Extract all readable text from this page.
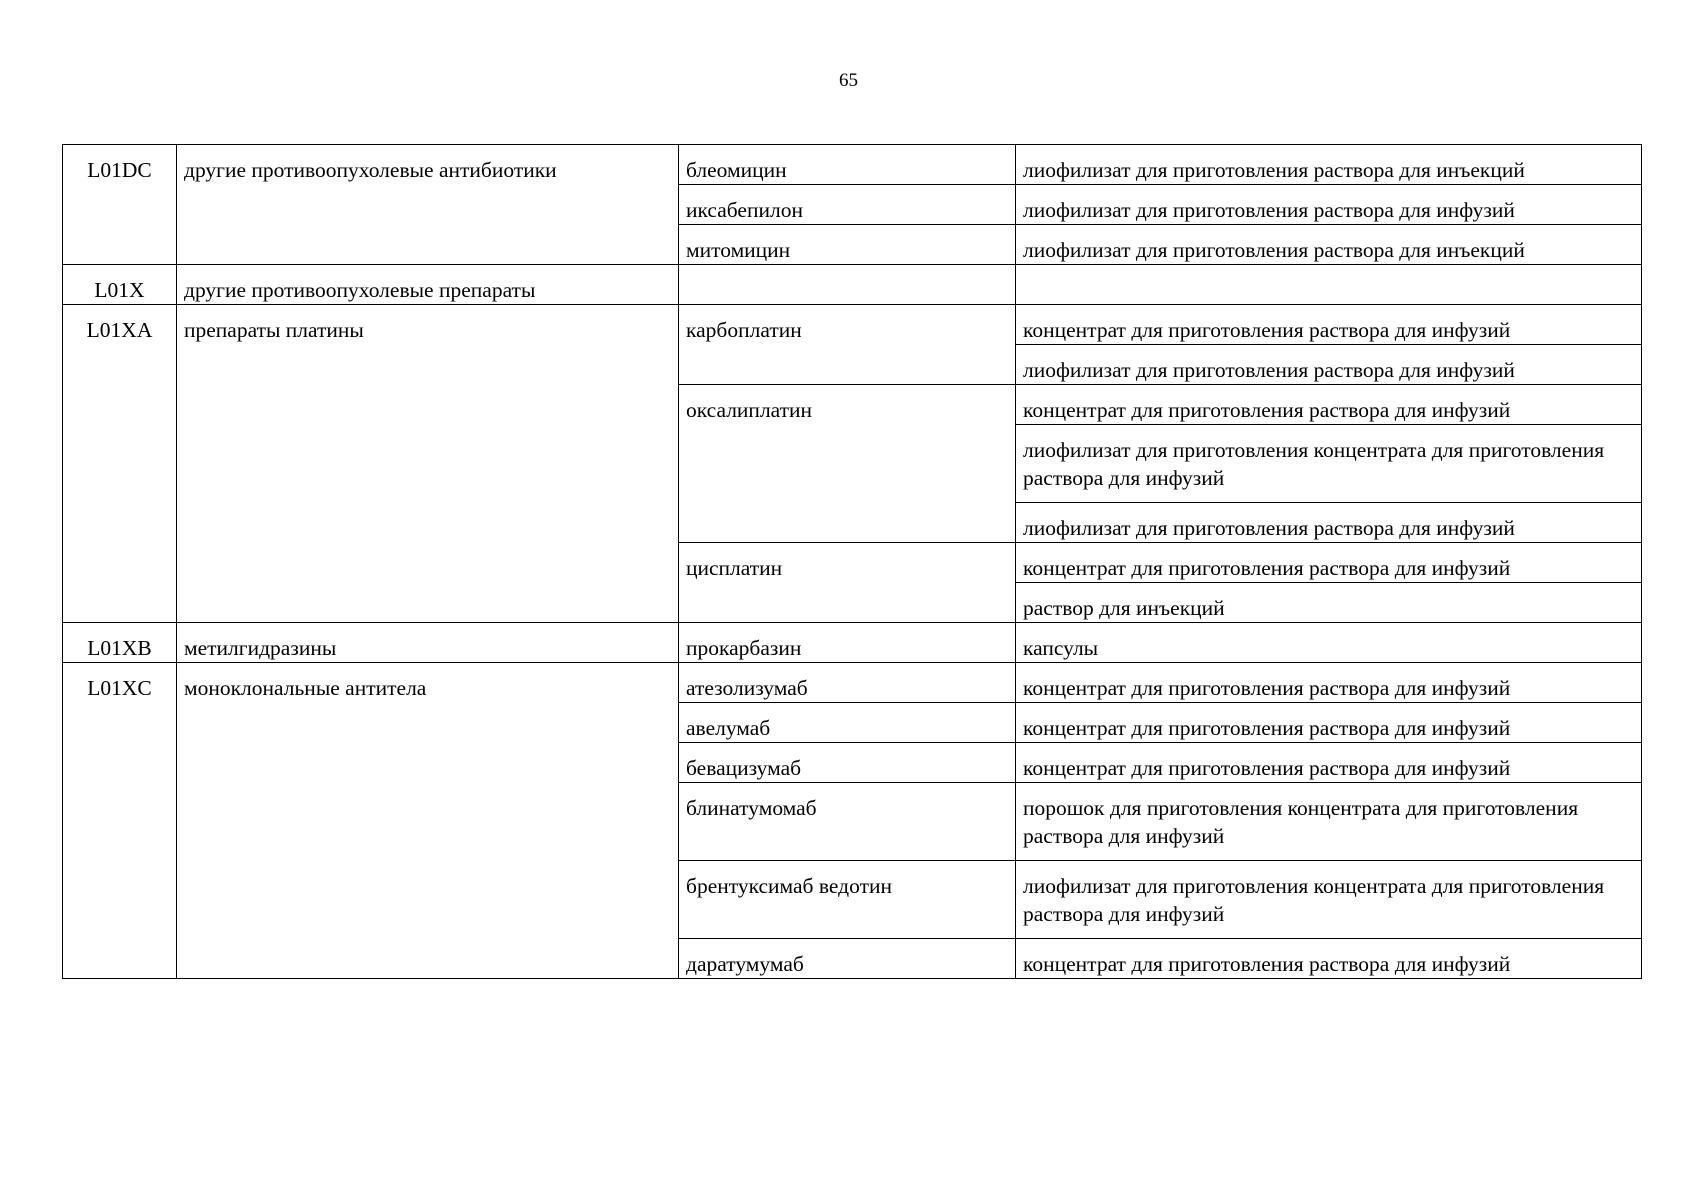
65
L01DC	другие противоопухолевые антибиотики	блеомицин	лиофилизат для приготовления раствора для инъекций
		иксабепилон	лиофилизат для приготовления раствора для инфузий
		митомицин	лиофилизат для приготовления раствора для инъекций
L01X	другие противоопухолевые препараты		
L01XA	препараты платины	карбоплатин	концентрат для приготовления раствора для инфузий
			лиофилизат для приготовления раствора для инфузий
		оксалиплатин	концентрат для приготовления раствора для инфузий
			лиофилизат для приготовления концентрата для приготовления раствора для инфузий
			лиофилизат для приготовления раствора для инфузий
		цисплатин	концентрат для приготовления раствора для инфузий
			раствор для инъекций
L01XB	метилгидразины	прокарбазин	капсулы
L01XC	моноклональные антитела	атезолизумаб	концентрат для приготовления раствора для инфузий
		авелумаб	концентрат для приготовления раствора для инфузий
		бевацизумаб	концентрат для приготовления раствора для инфузий
		блинатумомаб	порошок для приготовления концентрата для приготовления раствора для инфузий
		брентуксимаб ведотин	лиофилизат для приготовления концентрата для приготовления раствора для инфузий
		даратумумаб	концентрат для приготовления раствора для инфузий
